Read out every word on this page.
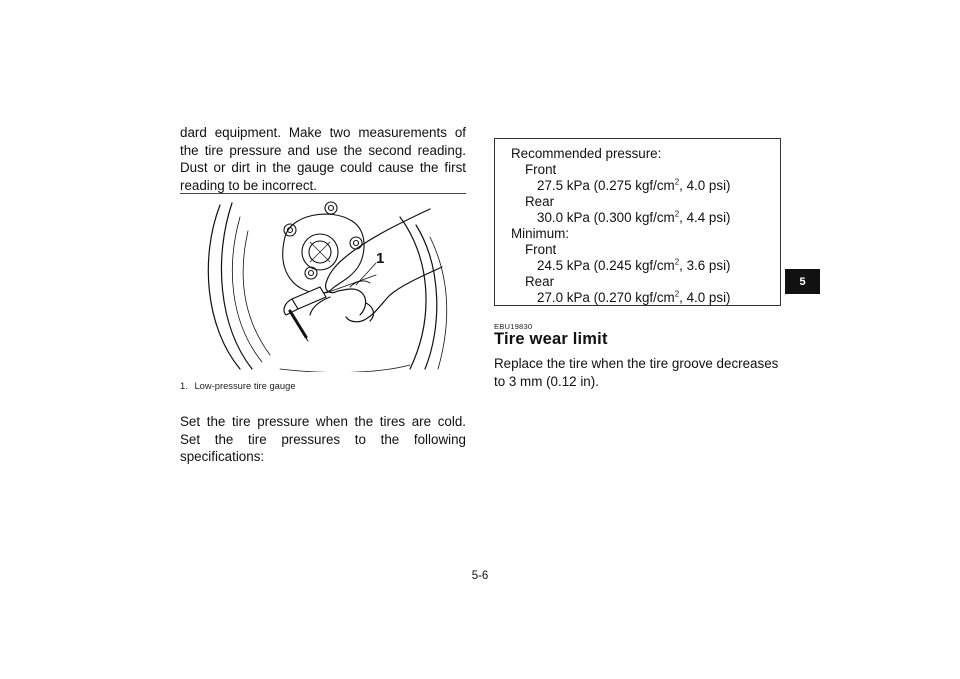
dard equipment. Make two measurements of the tire pressure and use the second reading. Dust or dirt in the gauge could cause the first reading to be incorrect.

1
1. Low-pressure tire gauge

Set the tire pressure when the tires are cold. Set the tire pressures to the following specifications:

Recommended pressure:
Front
27.5 kPa (0.275 kgf/$cm^2$, 4.0 psi)
Rear
30.0 kPa (0.300 kgf/$cm^2$, 4.4 psi)
Minimum:
Front
24.5 kPa (0.245 kgf/$cm^2$, 3.6 psi)
Rear
27.0 kPa (0.270 kgf/$cm^2$, 4.0 psi)
EBU19830
Tire wear limit

Replace the tire when the tire groove decreases to 3 mm (0.12 in).

5
5-6
